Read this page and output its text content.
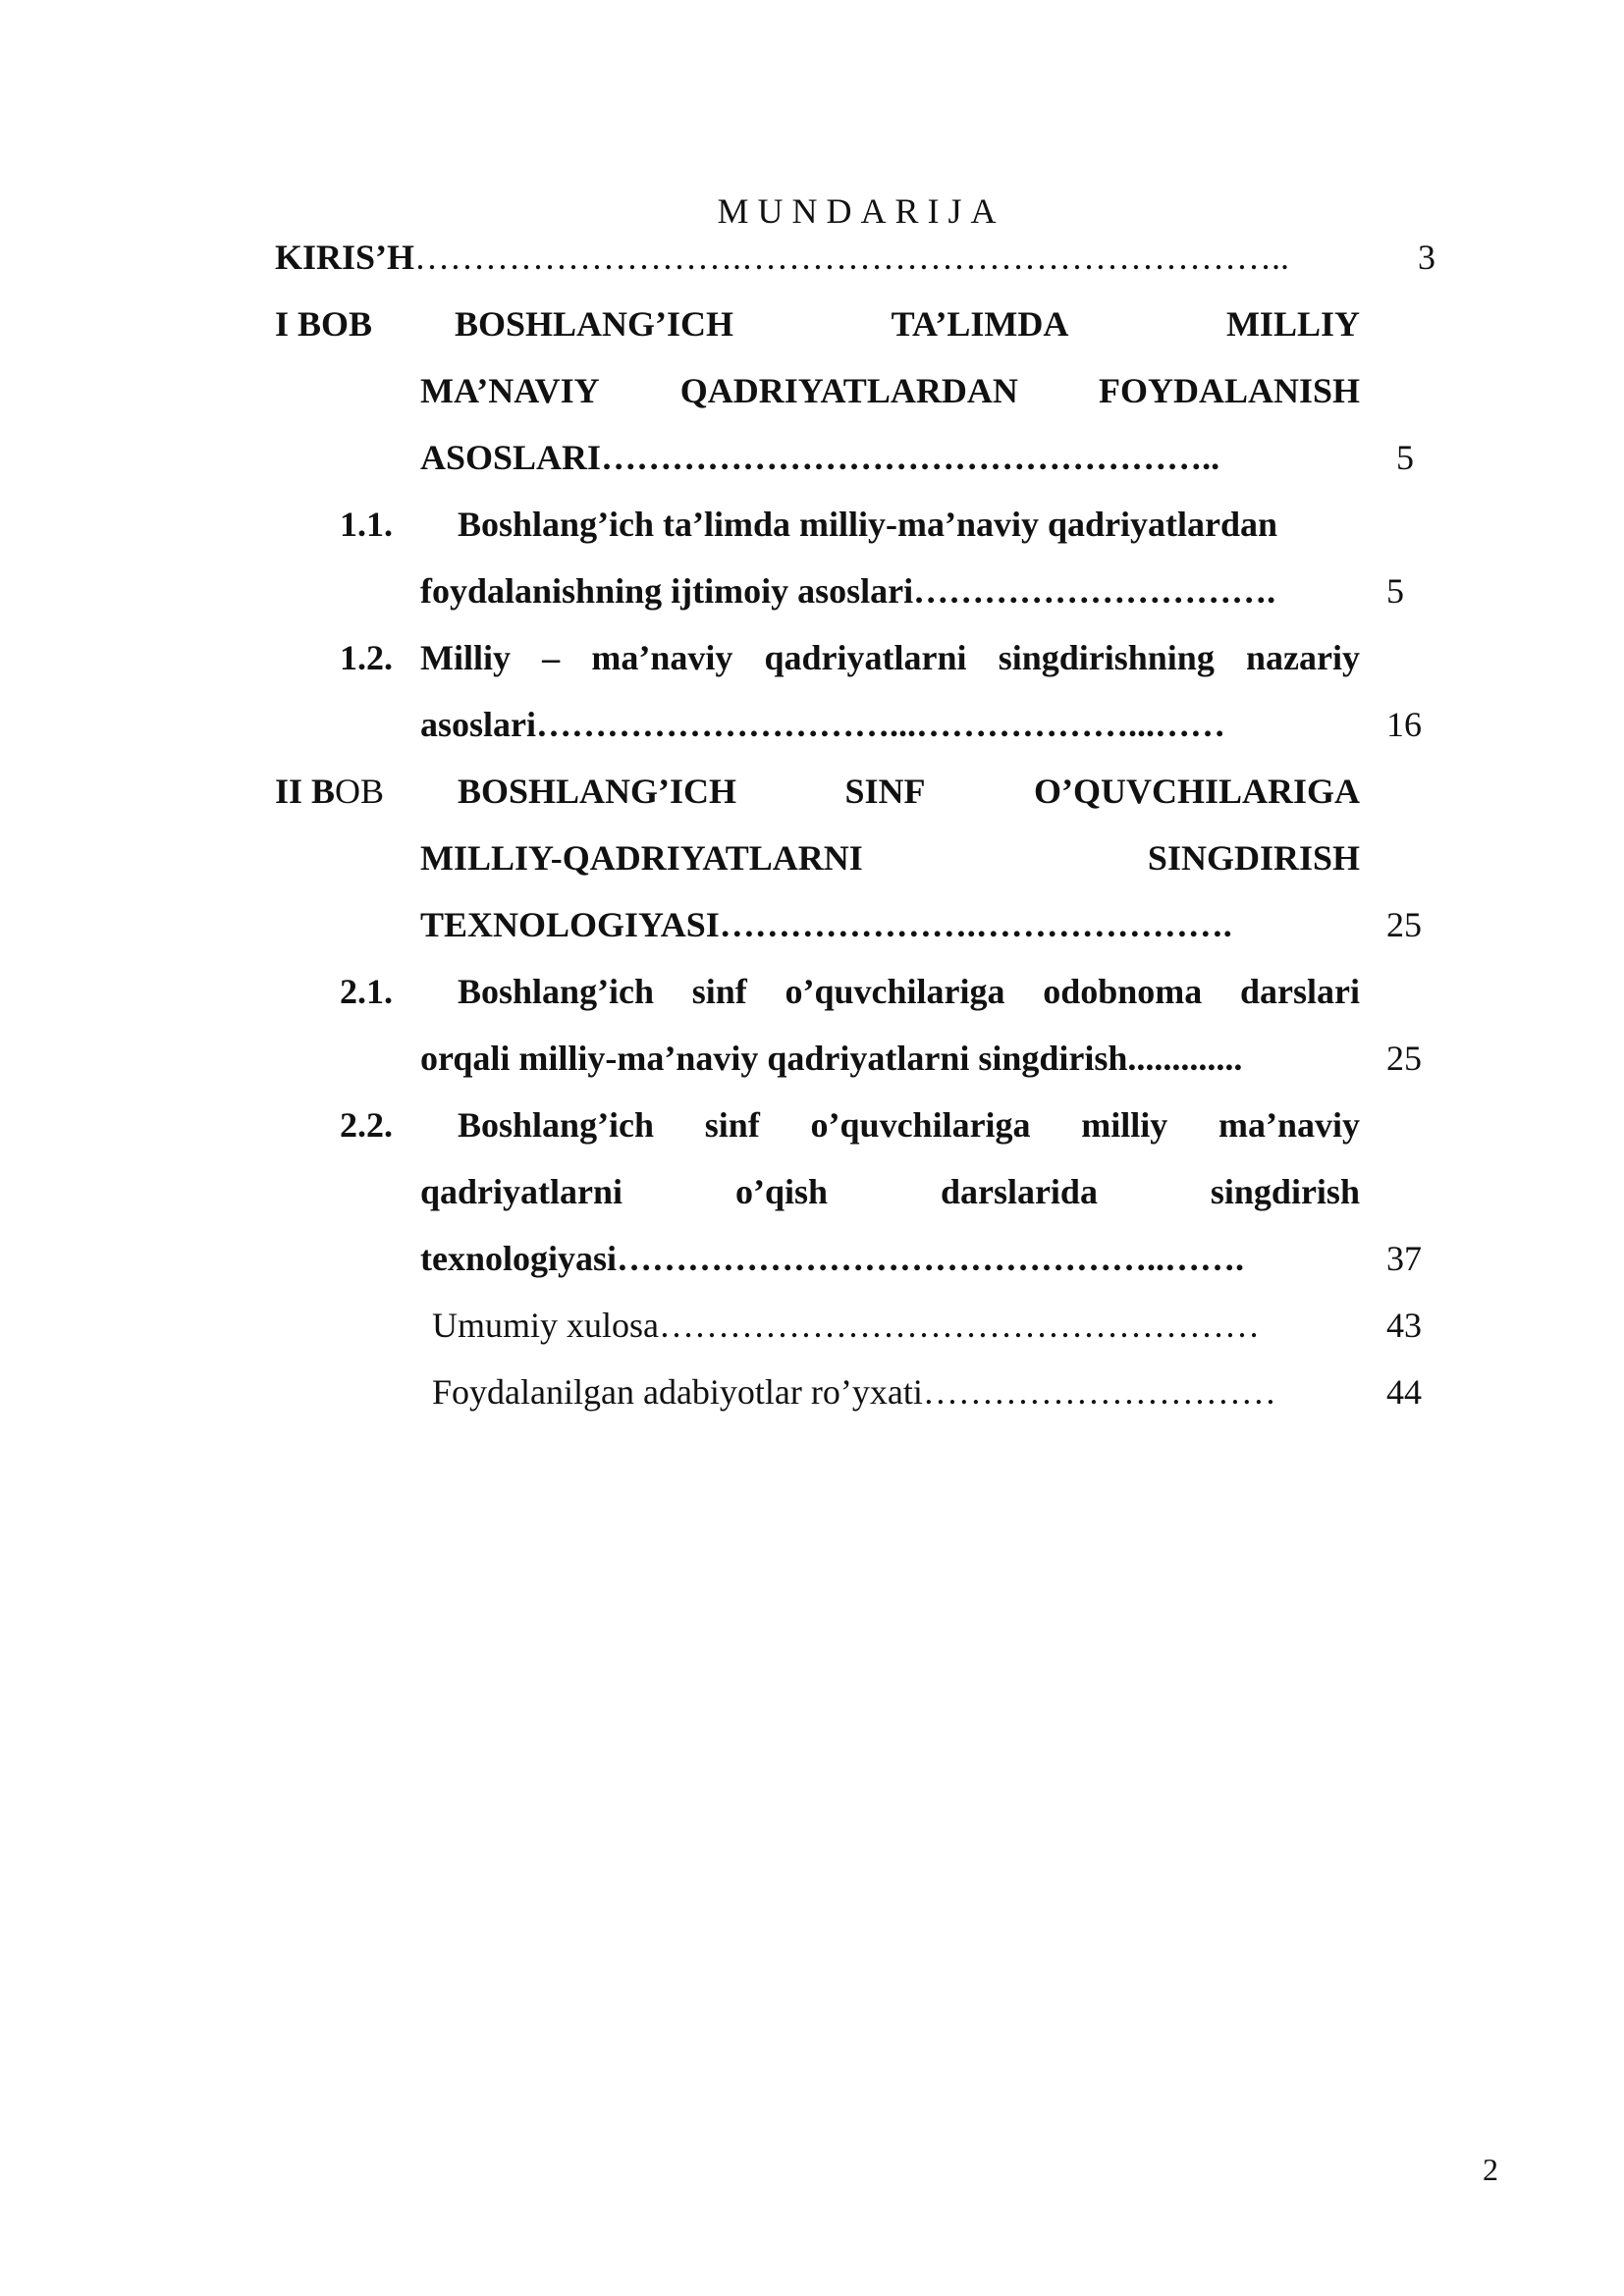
MUNDARIJA
KIRIS’H……………………….………………………………………..	3
I BOB BOSHLANG’ICH	TA’LIMDA	MILLIY
MA’NAVIY QADRIYATLARDAN FOYDALANISH
ASOSLARI……………………………………………..	5
1.1. Boshlang’ich ta’limda milliy-ma’naviy qadriyatlardan
foydalanishning ijtimoiy asoslari………………………….	5
1.2. Milliy – ma’naviy qadriyatlarni singdirishning nazariy
asoslari…………………………...………………...……	16
II BOB BOSHLANG’ICH	SINF	O’QUVCHILARIGA
MILLIY-QADRIYATLARNI	SINGDIRISH
TEXNOLOGIYASI………………….………………….	25
2.1. Boshlang’ich sinf o’quvchilariga odobnoma darslari
orqali milliy-ma’naviy qadriyatlarni singdirish.............	25
2.2. Boshlang’ich sinf o’quvchilariga milliy ma’naviy
qadriyatlarni	o’qish	darslarida	singdirish
texnologiyasi………………………………………..…….	37
Umumiy xulosa……………………………………………	43
Foydalanilgan adabiyotlar ro’yxati…………………………	44
2
